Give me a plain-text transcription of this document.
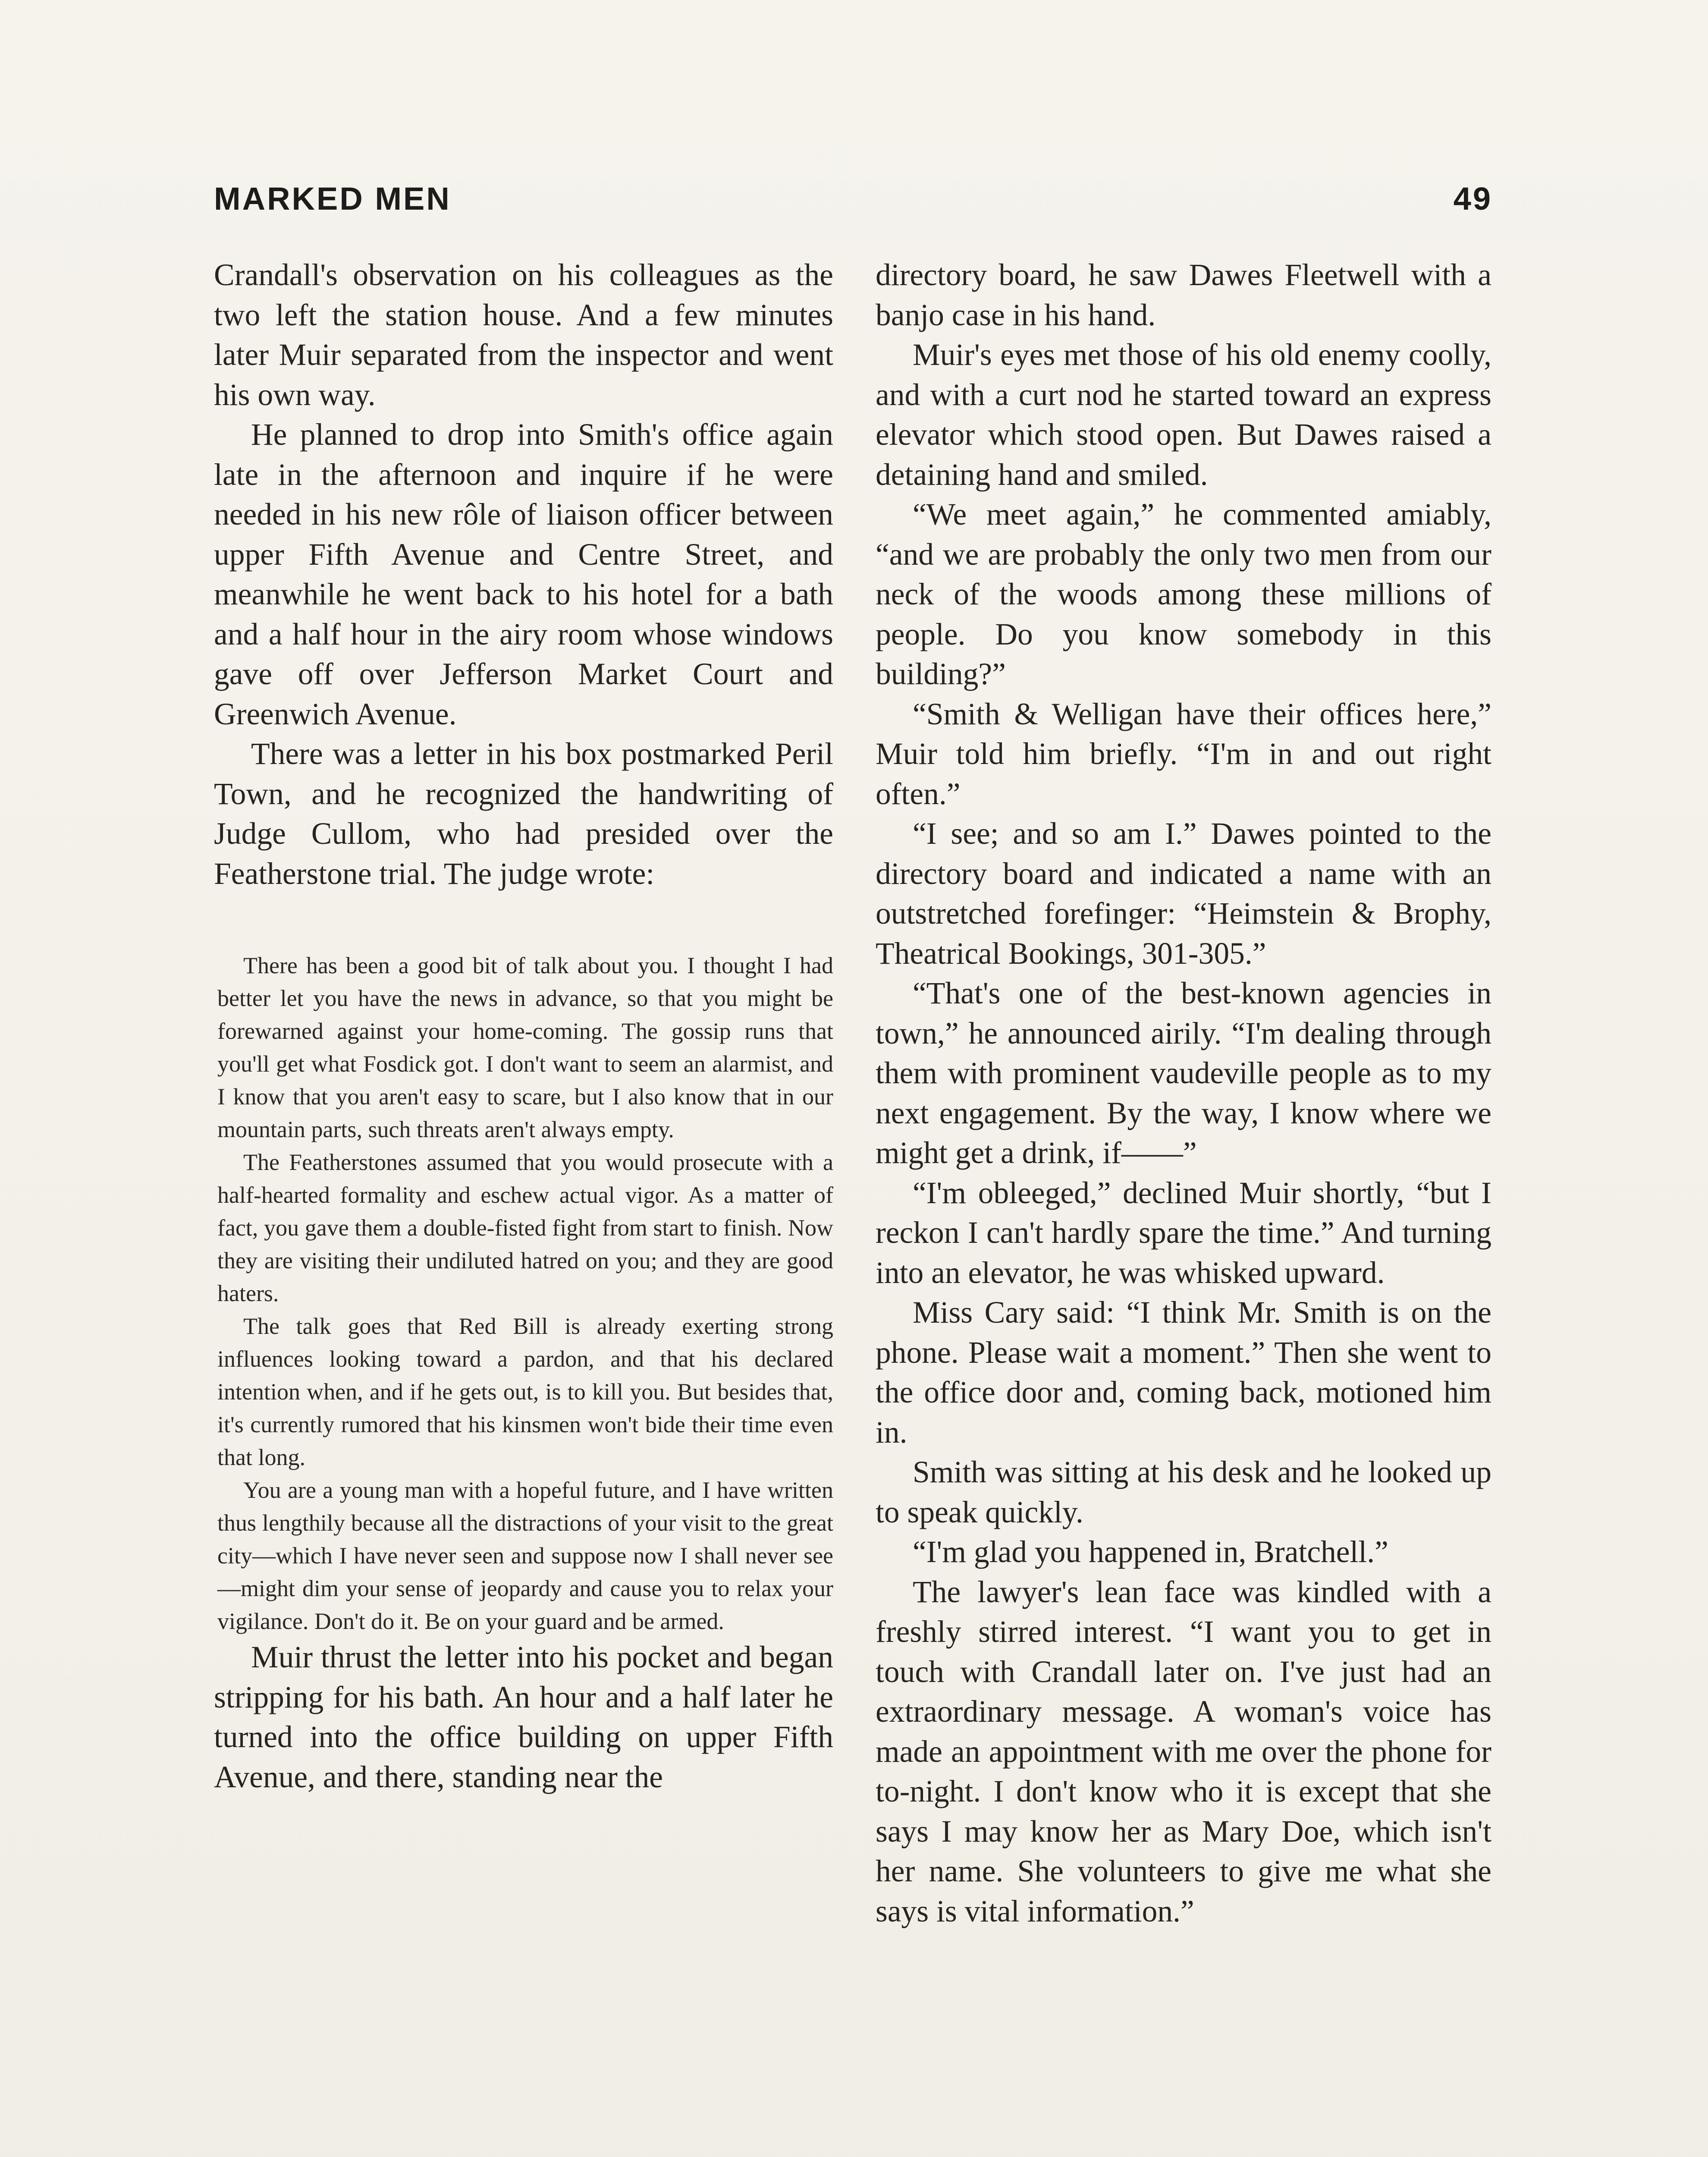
MARKED MEN	49

Crandall's observation on his colleagues as the two left the station house. And a few minutes later Muir separated from the inspector and went his own way.

He planned to drop into Smith's office again late in the afternoon and inquire if he were needed in his new rôle of liaison officer between upper Fifth Avenue and Centre Street, and meanwhile he went back to his hotel for a bath and a half hour in the airy room whose windows gave off over Jefferson Market Court and Greenwich Avenue.

There was a letter in his box postmarked Peril Town, and he recognized the handwriting of Judge Cullom, who had presided over the Featherstone trial. The judge wrote:

There has been a good bit of talk about you. I thought I had better let you have the news in advance, so that you might be forewarned against your home-coming. The gossip runs that you'll get what Fosdick got. I don't want to seem an alarmist, and I know that you aren't easy to scare, but I also know that in our mountain parts, such threats aren't always empty.

The Featherstones assumed that you would prosecute with a half-hearted formality and eschew actual vigor. As a matter of fact, you gave them a double-fisted fight from start to finish. Now they are visiting their undiluted hatred on you; and they are good haters.

The talk goes that Red Bill is already exerting strong influences looking toward a pardon, and that his declared intention when, and if he gets out, is to kill you. But besides that, it's currently rumored that his kinsmen won't bide their time even that long.

You are a young man with a hopeful future, and I have written thus lengthily because all the distractions of your visit to the great city—which I have never seen and suppose now I shall never see—might dim your sense of jeopardy and cause you to relax your vigilance. Don't do it. Be on your guard and be armed.

Muir thrust the letter into his pocket and began stripping for his bath. An hour and a half later he turned into the office building on upper Fifth Avenue, and there, standing near the

directory board, he saw Dawes Fleetwell with a banjo case in his hand.

Muir's eyes met those of his old enemy coolly, and with a curt nod he started toward an express elevator which stood open. But Dawes raised a detaining hand and smiled.

“We meet again,” he commented amiably, “and we are probably the only two men from our neck of the woods among these millions of people. Do you know somebody in this building?”

“Smith & Welligan have their offices here,” Muir told him briefly. “I'm in and out right often.”

“I see; and so am I.” Dawes pointed to the directory board and indicated a name with an outstretched forefinger: “Heimstein & Brophy, Theatrical Bookings, 301-305.”

“That's one of the best-known agencies in town,” he announced airily. “I'm dealing through them with prominent vaudeville people as to my next engagement. By the way, I know where we might get a drink, if——”

“I'm obleeged,” declined Muir shortly, “but I reckon I can't hardly spare the time.” And turning into an elevator, he was whisked upward.

Miss Cary said: “I think Mr. Smith is on the phone. Please wait a moment.” Then she went to the office door and, coming back, motioned him in.

Smith was sitting at his desk and he looked up to speak quickly.

“I'm glad you happened in, Bratchell.”

The lawyer's lean face was kindled with a freshly stirred interest. “I want you to get in touch with Crandall later on. I've just had an extraordinary message. A woman's voice has made an appointment with me over the phone for to-night. I don't know who it is except that she says I may know her as Mary Doe, which isn't her name. She volunteers to give me what she says is vital information.”
